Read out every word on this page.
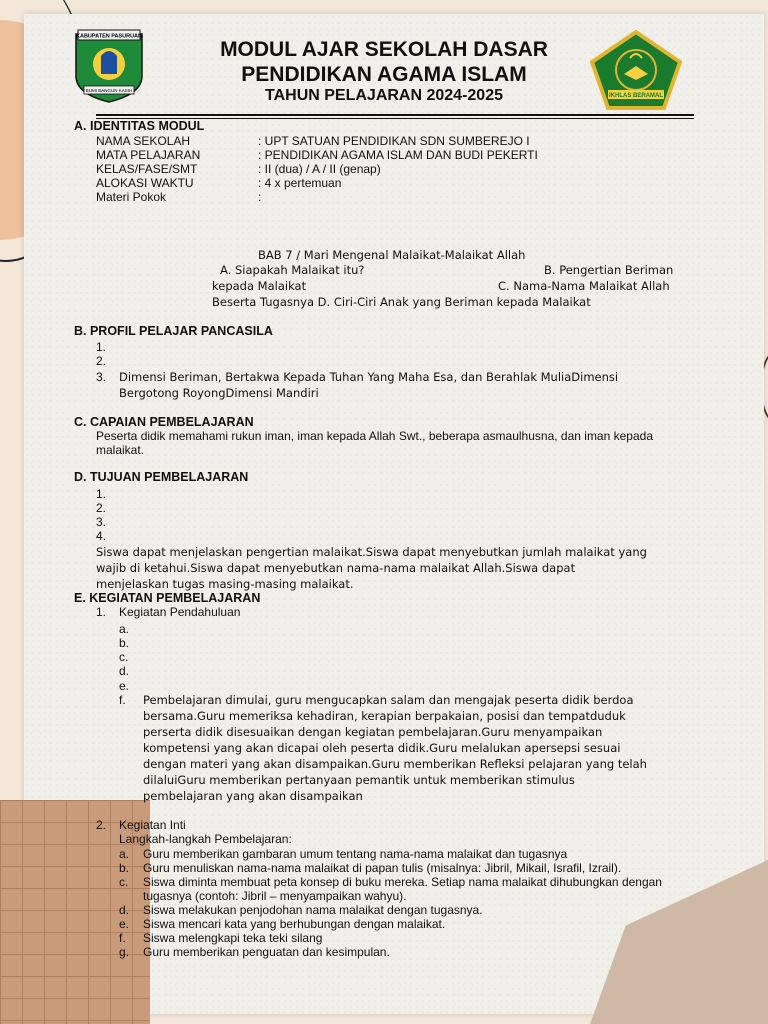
KABUPATEN PASURUAN
BUMI BANGUN KASIH
IKHLAS BERAMAL

MODUL AJAR SEKOLAH DASAR

PENDIDIKAN AGAMA ISLAM

TAHUN PELAJARAN 2024-2025

A. IDENTITAS MODUL

NAMA SEKOLAH	: UPT SATUAN PENDIDIKAN SDN SUMBEREJO I

MATA PELAJARAN	: PENDIDIKAN AGAMA ISLAM DAN BUDI PEKERTI

KELAS/FASE/SMT	: II (dua) / A / II (genap)

ALOKASI WAKTU	: 4 x pertemuan

Materi Pokok	:

BAB 7 / Mari Mengenal Malaikat-Malaikat Allah

A. Siapakah Malaikat itu?	B. Pengertian Beriman

kepada Malaikat	C. Nama-Nama Malaikat Allah

Beserta Tugasnya D. Ciri-Ciri Anak yang Beriman kepada Malaikat

B. PROFIL PELAJAR PANCASILA

1.

2.

3. Dimensi Beriman, Bertakwa Kepada Tuhan Yang Maha Esa, dan Berahlak MuliaDimensi

Bergotong RoyongDimensi Mandiri

C. CAPAIAN PEMBELAJARAN

Peserta didik memahami rukun iman, iman kepada Allah Swt., beberapa asmaulhusna, dan iman kepada

malaikat.

D. TUJUAN PEMBELAJARAN

1.

2.

3.

4.

Siswa dapat menjelaskan pengertian malaikat.Siswa dapat menyebutkan jumlah malaikat yang

wajib di ketahui.Siswa dapat menyebutkan nama-nama malaikat Allah.Siswa dapat

menjelaskan tugas masing-masing malaikat.

E. KEGIATAN PEMBELAJARAN

1. Kegiatan Pendahuluan

a.

b.

c.

d.

e.

f. Pembelajaran dimulai, guru mengucapkan salam dan mengajak peserta didik berdoa

bersama.Guru memeriksa kehadiran, kerapian berpakaian, posisi dan tempatduduk

perserta didik disesuaikan dengan kegiatan pembelajaran.Guru menyampaikan

kompetensi yang akan dicapai oleh peserta didik.Guru melalukan apersepsi sesuai

dengan materi yang akan disampaikan.Guru memberikan Refleksi pelajaran yang telah

dilaluiGuru memberikan pertanyaan pemantik untuk memberikan stimulus

pembelajaran yang akan disampaikan

2. Kegiatan Inti

Langkah-langkah Pembelajaran:

a. Guru memberikan gambaran umum tentang nama-nama malaikat dan tugasnya

b. Guru menuliskan nama-nama malaikat di papan tulis (misalnya: Jibril, Mikail, Israfil, Izrail).

c. Siswa diminta membuat peta konsep di buku mereka. Setiap nama malaikat dihubungkan dengan

tugasnya (contoh: Jibril – menyampaikan wahyu).

d. Siswa melakukan penjodohan nama malaikat dengan tugasnya.

e. Siswa mencari kata yang berhubungan dengan malaikat.

f. Siswa melengkapi teka teki silang

g. Guru memberikan penguatan dan kesimpulan.
